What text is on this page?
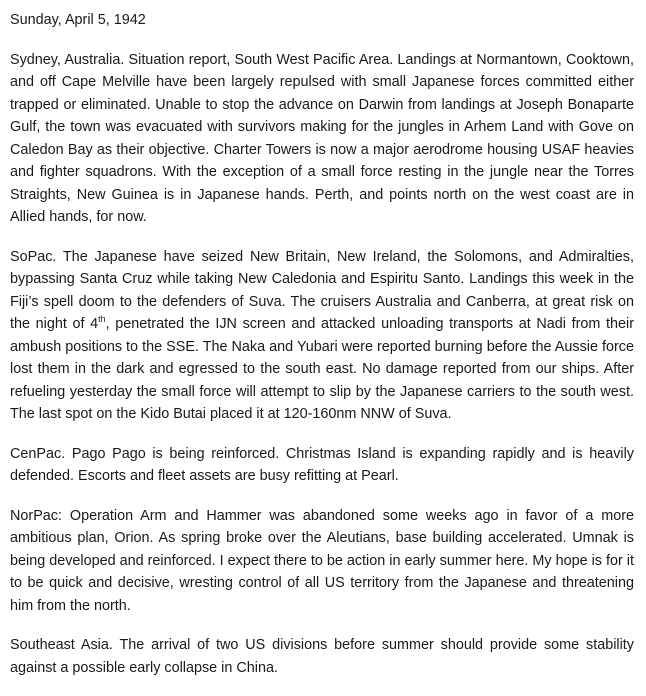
Sunday, April 5, 1942

Sydney, Australia. Situation report, South West Pacific Area. Landings at Normantown, Cooktown, and off Cape Melville have been largely repulsed with small Japanese forces committed either trapped or eliminated. Unable to stop the advance on Darwin from landings at Joseph Bonaparte Gulf, the town was evacuated with survivors making for the jungles in Arhem Land with Gove on Caledon Bay as their objective. Charter Towers is now a major aerodrome housing USAF heavies and fighter squadrons. With the exception of a small force resting in the jungle near the Torres Straights, New Guinea is in Japanese hands. Perth, and points north on the west coast are in Allied hands, for now.

SoPac. The Japanese have seized New Britain, New Ireland, the Solomons, and Admiralties, bypassing Santa Cruz while taking New Caledonia and Espiritu Santo. Landings this week in the Fiji’s spell doom to the defenders of Suva. The cruisers Australia and Canberra, at great risk on the night of 4th, penetrated the IJN screen and attacked unloading transports at Nadi from their ambush positions to the SSE. The Naka and Yubari were reported burning before the Aussie force lost them in the dark and egressed to the south east. No damage reported from our ships. After refueling yesterday the small force will attempt to slip by the Japanese carriers to the south west. The last spot on the Kido Butai placed it at 120-160nm NNW of Suva.

CenPac. Pago Pago is being reinforced. Christmas Island is expanding rapidly and is heavily defended. Escorts and fleet assets are busy refitting at Pearl.

NorPac: Operation Arm and Hammer was abandoned some weeks ago in favor of a more ambitious plan, Orion. As spring broke over the Aleutians, base building accelerated. Umnak is being developed and reinforced. I expect there to be action in early summer here. My hope is for it to be quick and decisive, wresting control of all US territory from the Japanese and threatening him from the north.

Southeast Asia. The arrival of two US divisions before summer should provide some stability against a possible early collapse in China.
